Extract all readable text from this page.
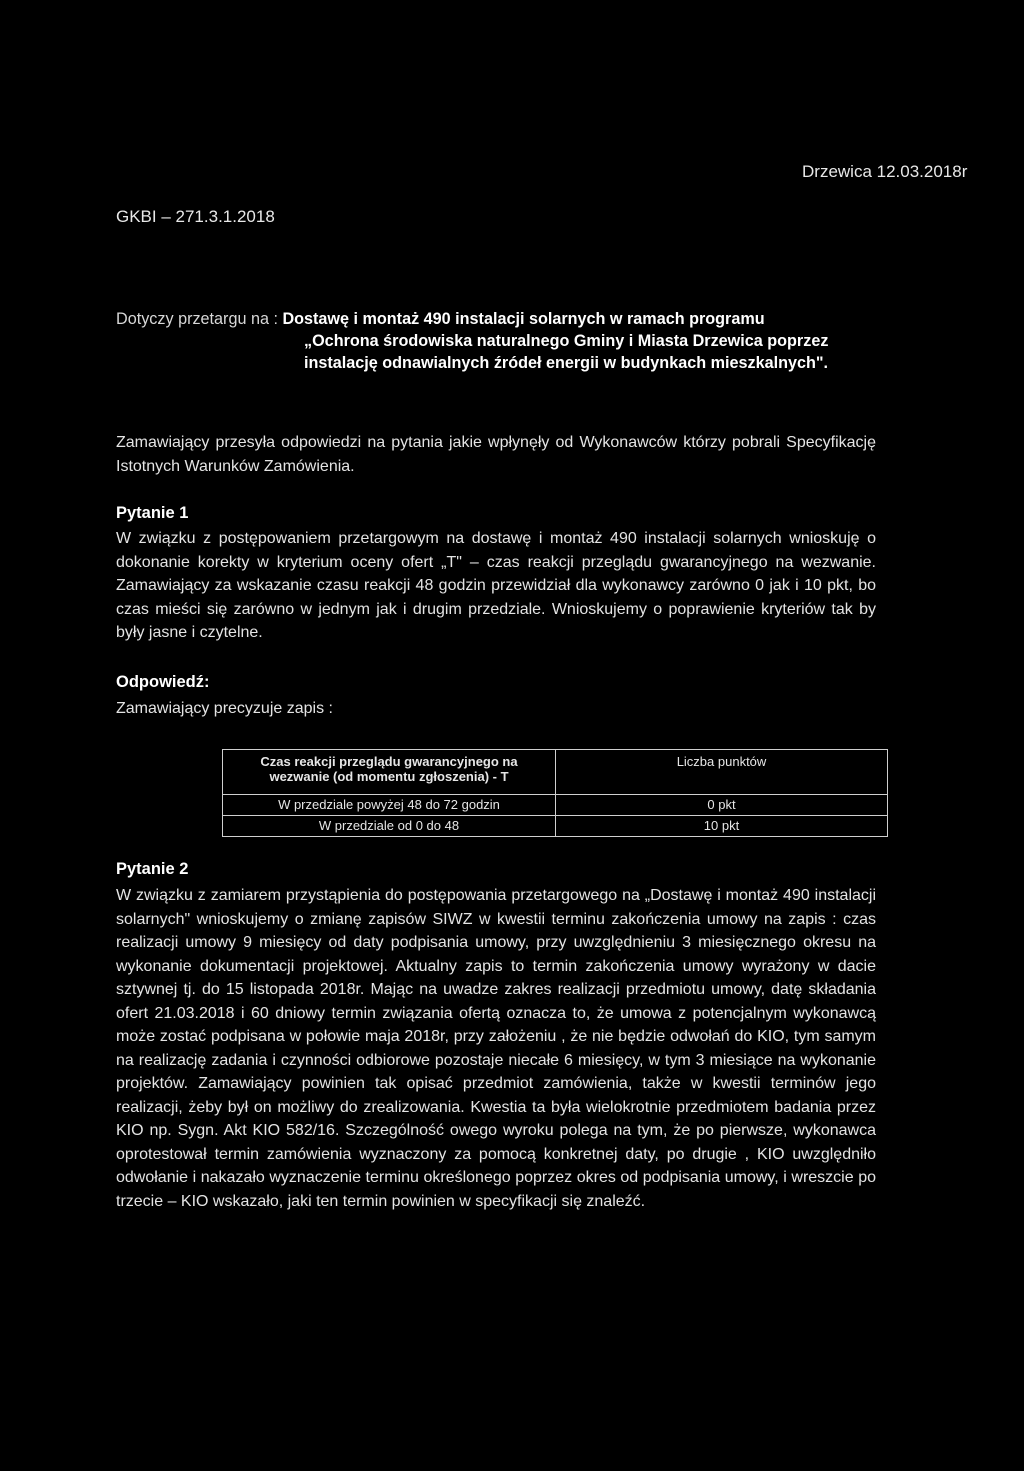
Drzewica 12.03.2018r
GKBI – 271.3.1.2018
Dotyczy przetargu na : Dostawę i montaż 490 instalacji solarnych w ramach programu
„Ochrona środowiska naturalnego Gminy i Miasta Drzewica poprzez
instalację odnawialnych źródeł energii w budynkach mieszkalnych".
Zamawiający przesyła odpowiedzi na pytania jakie wpłynęły od Wykonawców którzy pobrali Specyfikację Istotnych Warunków Zamówienia.
Pytanie 1
W związku z postępowaniem przetargowym na dostawę i montaż 490 instalacji solarnych wnioskuję o dokonanie korekty w kryterium oceny ofert „T" – czas reakcji przeglądu gwarancyjnego na wezwanie. Zamawiający za wskazanie czasu reakcji 48 godzin przewidział dla wykonawcy zarówno 0 jak i 10 pkt, bo czas mieści się zarówno w jednym jak i drugim przedziale. Wnioskujemy o poprawienie kryteriów tak by były jasne i czytelne.
Odpowiedź:
Zamawiający precyzuje zapis :
Czas reakcji przeglądu gwarancyjnego na wezwanie (od momentu zgłoszenia) - T	Liczba punktów
W przedziale powyżej 48 do 72 godzin	0 pkt
W przedziale od 0 do 48	10 pkt
Pytanie 2
W związku z zamiarem przystąpienia do postępowania przetargowego na „Dostawę i montaż 490 instalacji solarnych" wnioskujemy o zmianę zapisów SIWZ w kwestii terminu zakończenia umowy na zapis : czas realizacji umowy 9 miesięcy od daty podpisania umowy, przy uwzględnieniu 3 miesięcznego okresu na wykonanie dokumentacji projektowej. Aktualny zapis to termin zakończenia umowy wyrażony w dacie sztywnej tj. do 15 listopada 2018r. Mając na uwadze zakres realizacji przedmiotu umowy, datę składania ofert 21.03.2018 i 60 dniowy termin związania ofertą oznacza to, że umowa z potencjalnym wykonawcą może zostać podpisana w połowie maja 2018r, przy założeniu , że nie będzie odwołań do KIO, tym samym na realizację zadania i czynności odbiorowe pozostaje niecałe 6 miesięcy, w tym 3 miesiące na wykonanie projektów. Zamawiający powinien tak opisać przedmiot zamówienia, także w kwestii terminów jego realizacji, żeby był on możliwy do zrealizowania. Kwestia ta była wielokrotnie przedmiotem badania przez KIO np. Sygn. Akt KIO 582/16. Szczególność owego wyroku polega na tym, że po pierwsze, wykonawca oprotestował termin zamówienia wyznaczony za pomocą konkretnej daty, po drugie , KIO uwzględniło odwołanie i nakazało wyznaczenie terminu określonego poprzez okres od podpisania umowy, i wreszcie po trzecie – KIO wskazało, jaki ten termin powinien w specyfikacji się znaleźć.
